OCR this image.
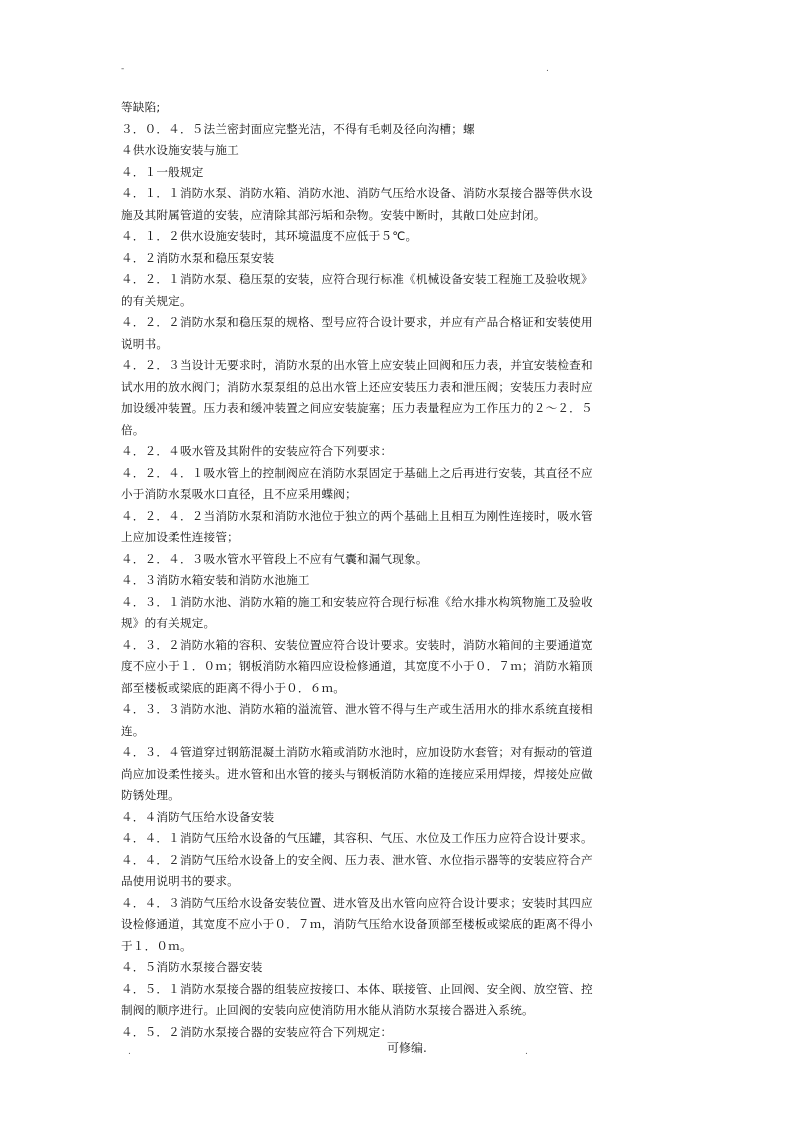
-	.
等缺陷;
３．０．４．５法兰密封面应完整光洁，不得有毛刺及径向沟槽；螺
４供水设施安装与施工
４．１一般规定
４．１．１消防水泵、消防水箱、消防水池、消防气压给水设备、消防水泵接合器等供水设
施及其附属管道的安装，应清除其部污垢和杂物。安装中断时，其敞口处应封闭。
４．１．２供水设施安装时，其环境温度不应低于５℃。
４．２消防水泵和稳压泵安装
４．２．１消防水泵、稳压泵的安装，应符合现行标准《机械设备安装工程施工及验收规》
的有关规定。
４．２．２消防水泵和稳压泵的规格、型号应符合设计要求，并应有产品合格证和安装使用
说明书。
４．２．３当设计无要求时，消防水泵的出水管上应安装止回阀和压力表，并宜安装检查和
试水用的放水阀门；消防水泵泵组的总出水管上还应安装压力表和泄压阀；安装压力表时应
加设缓冲装置。压力表和缓冲装置之间应安装旋塞；压力表量程应为工作压力的２～２．５
倍。
４．２．４吸水管及其附件的安装应符合下列要求：
４．２．４．１吸水管上的控制阀应在消防水泵固定于基础上之后再进行安装，其直径不应
小于消防水泵吸水口直径，且不应采用蝶阀；
４．２．４．２当消防水泵和消防水池位于独立的两个基础上且相互为刚性连接时，吸水管
上应加设柔性连接管；
４．２．４．３吸水管水平管段上不应有气囊和漏气现象。
４．３消防水箱安装和消防水池施工
４．３．１消防水池、消防水箱的施工和安装应符合现行标准《给水排水构筑物施工及验收
规》的有关规定。
４．３．２消防水箱的容积、安装位置应符合设计要求。安装时，消防水箱间的主要通道宽
度不应小于１．０ｍ；钢板消防水箱四应设检修通道，其宽度不小于０．７ｍ；消防水箱顶
部至楼板或梁底的距离不得小于０．６ｍ。
４．３．３消防水池、消防水箱的溢流管、泄水管不得与生产或生活用水的排水系统直接相
连。
４．３．４管道穿过钢筋混凝土消防水箱或消防水池时，应加设防水套管；对有振动的管道
尚应加设柔性接头。进水管和出水管的接头与钢板消防水箱的连接应采用焊接，焊接处应做
防锈处理。
４．４消防气压给水设备安装
４．４．１消防气压给水设备的气压罐，其容积、气压、水位及工作压力应符合设计要求。
４．４．２消防气压给水设备上的安全阀、压力表、泄水管、水位指示器等的安装应符合产
品使用说明书的要求。
４．４．３消防气压给水设备安装位置、进水管及出水管向应符合设计要求；安装时其四应
设检修通道，其宽度不应小于０．７ｍ，消防气压给水设备顶部至楼板或梁底的距离不得小
于１．０ｍ。
４．５消防水泵接合器安装
４．５．１消防水泵接合器的组装应按接口、本体、联接管、止回阀、安全阀、放空管、控
制阀的顺序进行。止回阀的安装向应使消防用水能从消防水泵接合器进入系统。
４．５．２消防水泵接合器的安装应符合下列规定：
.	可修编.	.
